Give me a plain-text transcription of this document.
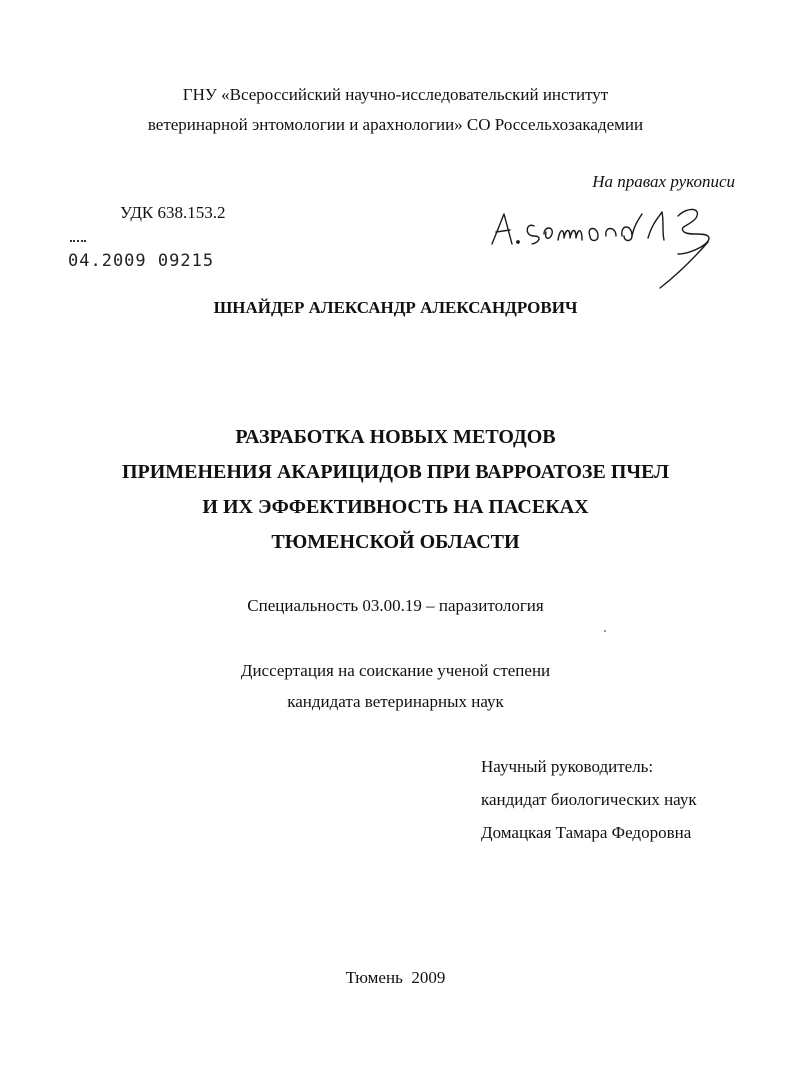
ГНУ «Всероссийский научно-исследовательский институт
ветеринарной энтомологии и арахнологии» СО Россельхозакадемии
На правах рукописи
УДК 638.153.2
04.2009 09215
ШНАЙДЕР АЛЕКСАНДР АЛЕКСАНДРОВИЧ
РАЗРАБОТКА НОВЫХ МЕТОДОВ
ПРИМЕНЕНИЯ АКАРИЦИДОВ ПРИ ВАРРОАТОЗЕ ПЧЕЛ
И ИХ ЭФФЕКТИВНОСТЬ НА ПАСЕКАХ
ТЮМЕНСКОЙ ОБЛАСТИ
Специальность 03.00.19 – паразитология
Диссертация на соискание ученой степени
кандидата ветеринарных наук
Научный руководитель:
кандидат биологических наук
Домацкая Тамара Федоровна
Тюмень  2009
